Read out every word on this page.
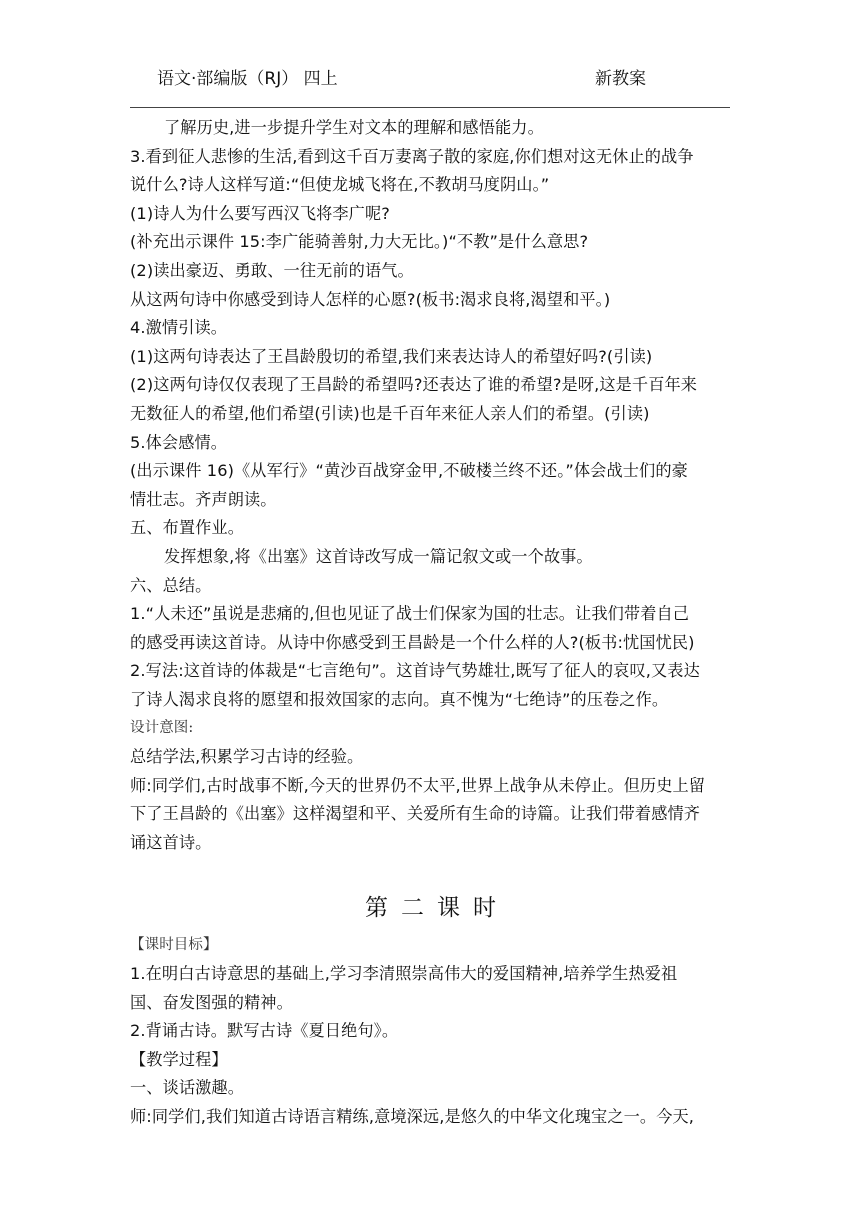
语文·部编版（RJ） 四上	新教案
了解历史,进一步提升学生对文本的理解和感悟能力。
3.看到征人悲惨的生活,看到这千百万妻离子散的家庭,你们想对这无休止的战争
说什么?诗人这样写道:“但使龙城飞将在,不教胡马度阴山。”
(1)诗人为什么要写西汉飞将李广呢?
(补充出示课件 15:李广能骑善射,力大无比。)“不教”是什么意思?
(2)读出豪迈、勇敢、一往无前的语气。
从这两句诗中你感受到诗人怎样的心愿?(板书:渴求良将,渴望和平。)
4.激情引读。
(1)这两句诗表达了王昌龄殷切的希望,我们来表达诗人的希望好吗?(引读)
(2)这两句诗仅仅表现了王昌龄的希望吗?还表达了谁的希望?是呀,这是千百年来
无数征人的希望,他们希望(引读)也是千百年来征人亲人们的希望。(引读)
5.体会感情。
(出示课件 16)《从军行》“黄沙百战穿金甲,不破楼兰终不还。”体会战士们的豪
情壮志。齐声朗读。
五、布置作业。
发挥想象,将《出塞》这首诗改写成一篇记叙文或一个故事。
六、总结。
1.“人未还”虽说是悲痛的,但也见证了战士们保家为国的壮志。让我们带着自己
的感受再读这首诗。从诗中你感受到王昌龄是一个什么样的人?(板书:忧国忧民)
2.写法:这首诗的体裁是“七言绝句”。这首诗气势雄壮,既写了征人的哀叹,又表达
了诗人渴求良将的愿望和报效国家的志向。真不愧为“七绝诗”的压卷之作。
设计意图:
总结学法,积累学习古诗的经验。
师:同学们,古时战事不断,今天的世界仍不太平,世界上战争从未停止。但历史上留
下了王昌龄的《出塞》这样渴望和平、关爱所有生命的诗篇。让我们带着感情齐
诵这首诗。
第二课时
【课时目标】
1.在明白古诗意思的基础上,学习李清照崇高伟大的爱国精神,培养学生热爱祖
国、奋发图强的精神。
2.背诵古诗。默写古诗《夏日绝句》。
【教学过程】
一、谈话激趣。
师:同学们,我们知道古诗语言精练,意境深远,是悠久的中华文化瑰宝之一。今天,
